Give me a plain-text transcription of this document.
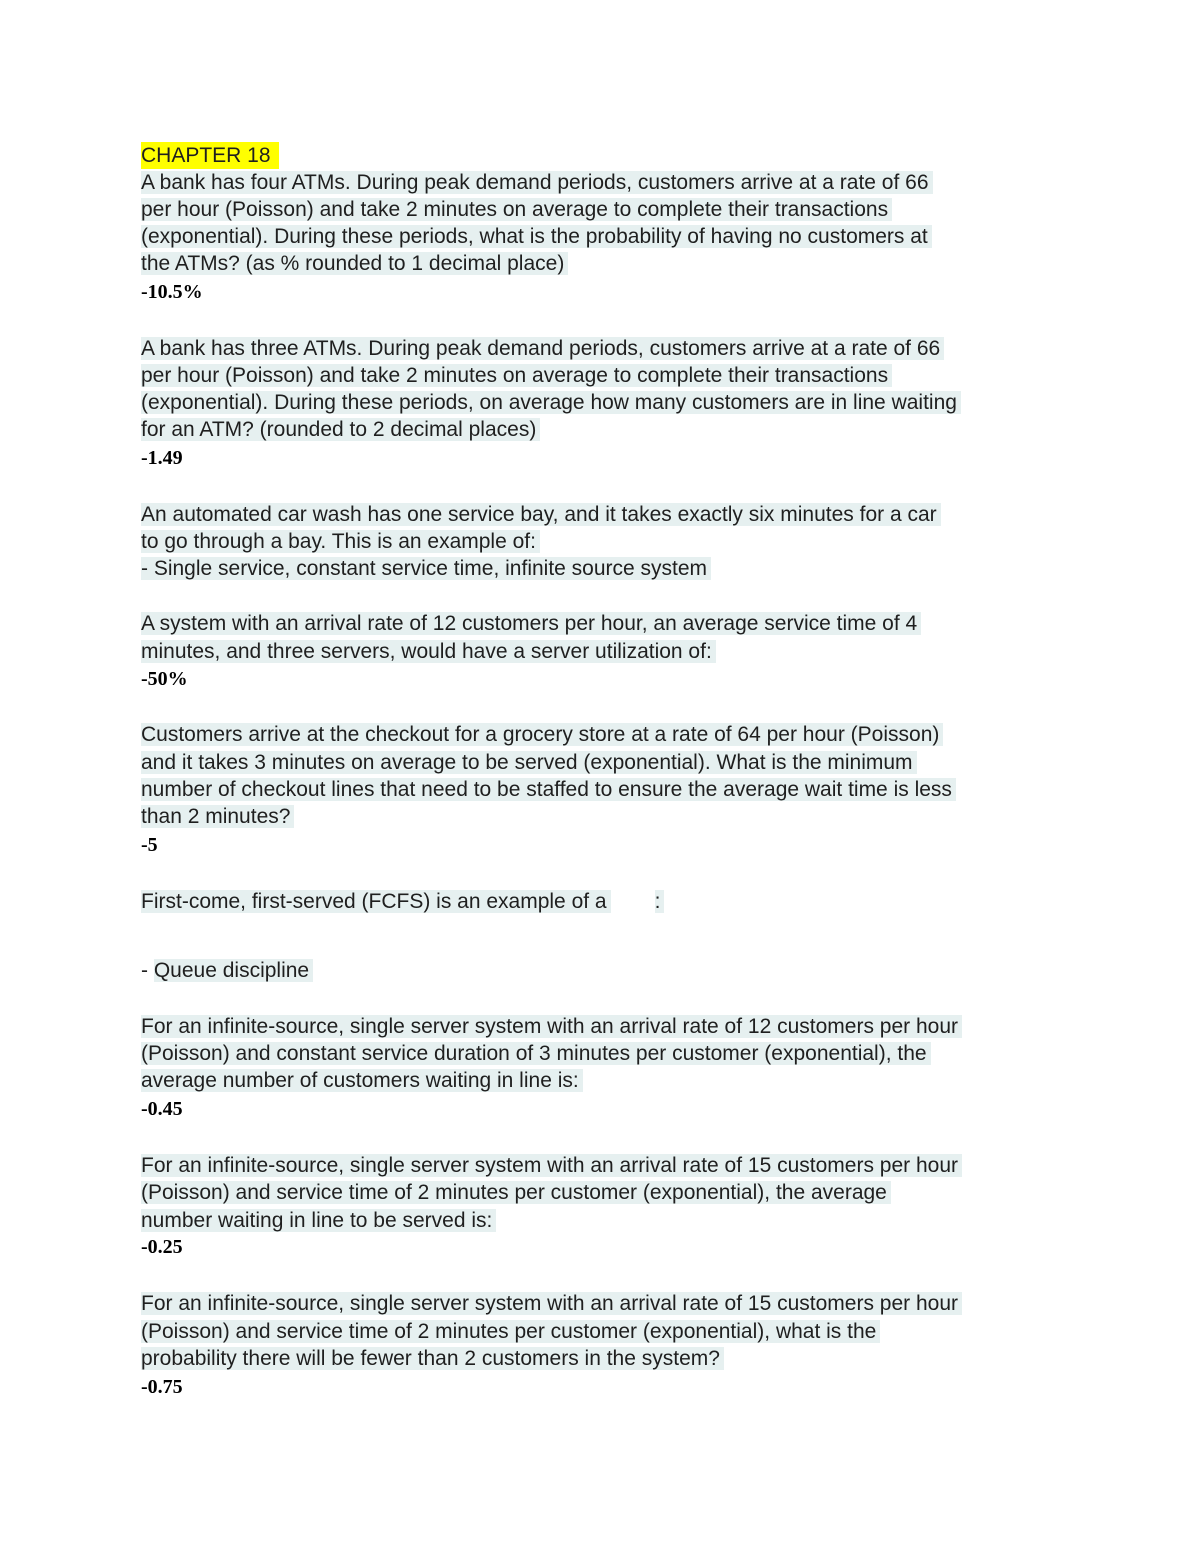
CHAPTER 18
A bank has four ATMs. During peak demand periods, customers arrive at a rate of 66
per hour (Poisson) and take 2 minutes on average to complete their transactions
(exponential). During these periods, what is the probability of having no customers at
the ATMs? (as % rounded to 1 decimal place)
-10.5%
A bank has three ATMs. During peak demand periods, customers arrive at a rate of 66
per hour (Poisson) and take 2 minutes on average to complete their transactions
(exponential). During these periods, on average how many customers are in line waiting
for an ATM? (rounded to 2 decimal places)
-1.49
An automated car wash has one service bay, and it takes exactly six minutes for a car
to go through a bay. This is an example of:
- Single service, constant service time, infinite source system
A system with an arrival rate of 12 customers per hour, an average service time of 4
minutes, and three servers, would have a server utilization of:
-50%
Customers arrive at the checkout for a grocery store at a rate of 64 per hour (Poisson)
and it takes 3 minutes on average to be served (exponential). What is the minimum
number of checkout lines that need to be staffed to ensure the average wait time is less
than 2 minutes?
-5
First-come, first-served (FCFS) is an example of a :
- Queue discipline
For an infinite-source, single server system with an arrival rate of 12 customers per hour
(Poisson) and constant service duration of 3 minutes per customer (exponential), the
average number of customers waiting in line is:
-0.45
For an infinite-source, single server system with an arrival rate of 15 customers per hour
(Poisson) and service time of 2 minutes per customer (exponential), the average
number waiting in line to be served is:
-0.25
For an infinite-source, single server system with an arrival rate of 15 customers per hour
(Poisson) and service time of 2 minutes per customer (exponential), what is the
probability there will be fewer than 2 customers in the system?
-0.75
